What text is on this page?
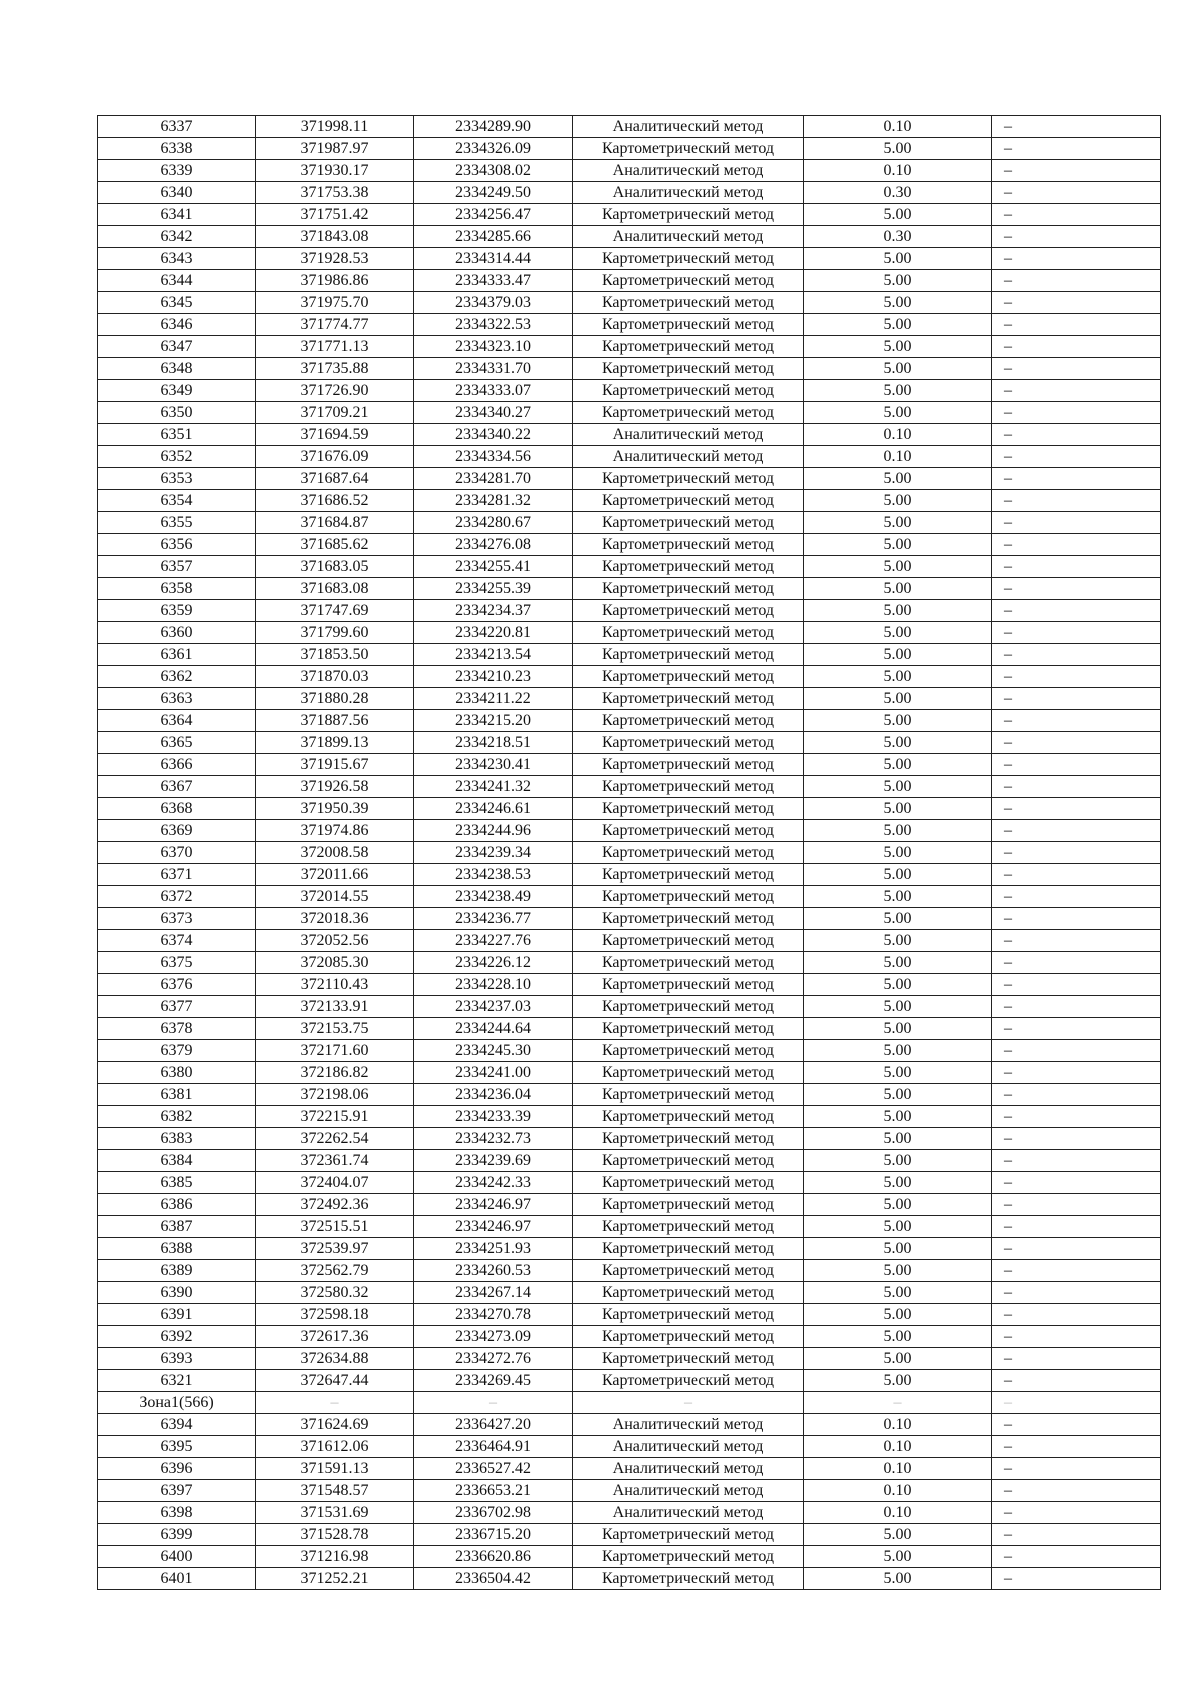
6337	371998.11	2334289.90	Аналитический метод	0.10	–
6338	371987.97	2334326.09	Картометрический метод	5.00	–
6339	371930.17	2334308.02	Аналитический метод	0.10	–
6340	371753.38	2334249.50	Аналитический метод	0.30	–
6341	371751.42	2334256.47	Картометрический метод	5.00	–
6342	371843.08	2334285.66	Аналитический метод	0.30	–
6343	371928.53	2334314.44	Картометрический метод	5.00	–
6344	371986.86	2334333.47	Картометрический метод	5.00	–
6345	371975.70	2334379.03	Картометрический метод	5.00	–
6346	371774.77	2334322.53	Картометрический метод	5.00	–
6347	371771.13	2334323.10	Картометрический метод	5.00	–
6348	371735.88	2334331.70	Картометрический метод	5.00	–
6349	371726.90	2334333.07	Картометрический метод	5.00	–
6350	371709.21	2334340.27	Картометрический метод	5.00	–
6351	371694.59	2334340.22	Аналитический метод	0.10	–
6352	371676.09	2334334.56	Аналитический метод	0.10	–
6353	371687.64	2334281.70	Картометрический метод	5.00	–
6354	371686.52	2334281.32	Картометрический метод	5.00	–
6355	371684.87	2334280.67	Картометрический метод	5.00	–
6356	371685.62	2334276.08	Картометрический метод	5.00	–
6357	371683.05	2334255.41	Картометрический метод	5.00	–
6358	371683.08	2334255.39	Картометрический метод	5.00	–
6359	371747.69	2334234.37	Картометрический метод	5.00	–
6360	371799.60	2334220.81	Картометрический метод	5.00	–
6361	371853.50	2334213.54	Картометрический метод	5.00	–
6362	371870.03	2334210.23	Картометрический метод	5.00	–
6363	371880.28	2334211.22	Картометрический метод	5.00	–
6364	371887.56	2334215.20	Картометрический метод	5.00	–
6365	371899.13	2334218.51	Картометрический метод	5.00	–
6366	371915.67	2334230.41	Картометрический метод	5.00	–
6367	371926.58	2334241.32	Картометрический метод	5.00	–
6368	371950.39	2334246.61	Картометрический метод	5.00	–
6369	371974.86	2334244.96	Картометрический метод	5.00	–
6370	372008.58	2334239.34	Картометрический метод	5.00	–
6371	372011.66	2334238.53	Картометрический метод	5.00	–
6372	372014.55	2334238.49	Картометрический метод	5.00	–
6373	372018.36	2334236.77	Картометрический метод	5.00	–
6374	372052.56	2334227.76	Картометрический метод	5.00	–
6375	372085.30	2334226.12	Картометрический метод	5.00	–
6376	372110.43	2334228.10	Картометрический метод	5.00	–
6377	372133.91	2334237.03	Картометрический метод	5.00	–
6378	372153.75	2334244.64	Картометрический метод	5.00	–
6379	372171.60	2334245.30	Картометрический метод	5.00	–
6380	372186.82	2334241.00	Картометрический метод	5.00	–
6381	372198.06	2334236.04	Картометрический метод	5.00	–
6382	372215.91	2334233.39	Картометрический метод	5.00	–
6383	372262.54	2334232.73	Картометрический метод	5.00	–
6384	372361.74	2334239.69	Картометрический метод	5.00	–
6385	372404.07	2334242.33	Картометрический метод	5.00	–
6386	372492.36	2334246.97	Картометрический метод	5.00	–
6387	372515.51	2334246.97	Картометрический метод	5.00	–
6388	372539.97	2334251.93	Картометрический метод	5.00	–
6389	372562.79	2334260.53	Картометрический метод	5.00	–
6390	372580.32	2334267.14	Картометрический метод	5.00	–
6391	372598.18	2334270.78	Картометрический метод	5.00	–
6392	372617.36	2334273.09	Картометрический метод	5.00	–
6393	372634.88	2334272.76	Картометрический метод	5.00	–
6321	372647.44	2334269.45	Картометрический метод	5.00	–
Зона1(566)	–	–	–	–	–
6394	371624.69	2336427.20	Аналитический метод	0.10	–
6395	371612.06	2336464.91	Аналитический метод	0.10	–
6396	371591.13	2336527.42	Аналитический метод	0.10	–
6397	371548.57	2336653.21	Аналитический метод	0.10	–
6398	371531.69	2336702.98	Аналитический метод	0.10	–
6399	371528.78	2336715.20	Картометрический метод	5.00	–
6400	371216.98	2336620.86	Картометрический метод	5.00	–
6401	371252.21	2336504.42	Картометрический метод	5.00	–
